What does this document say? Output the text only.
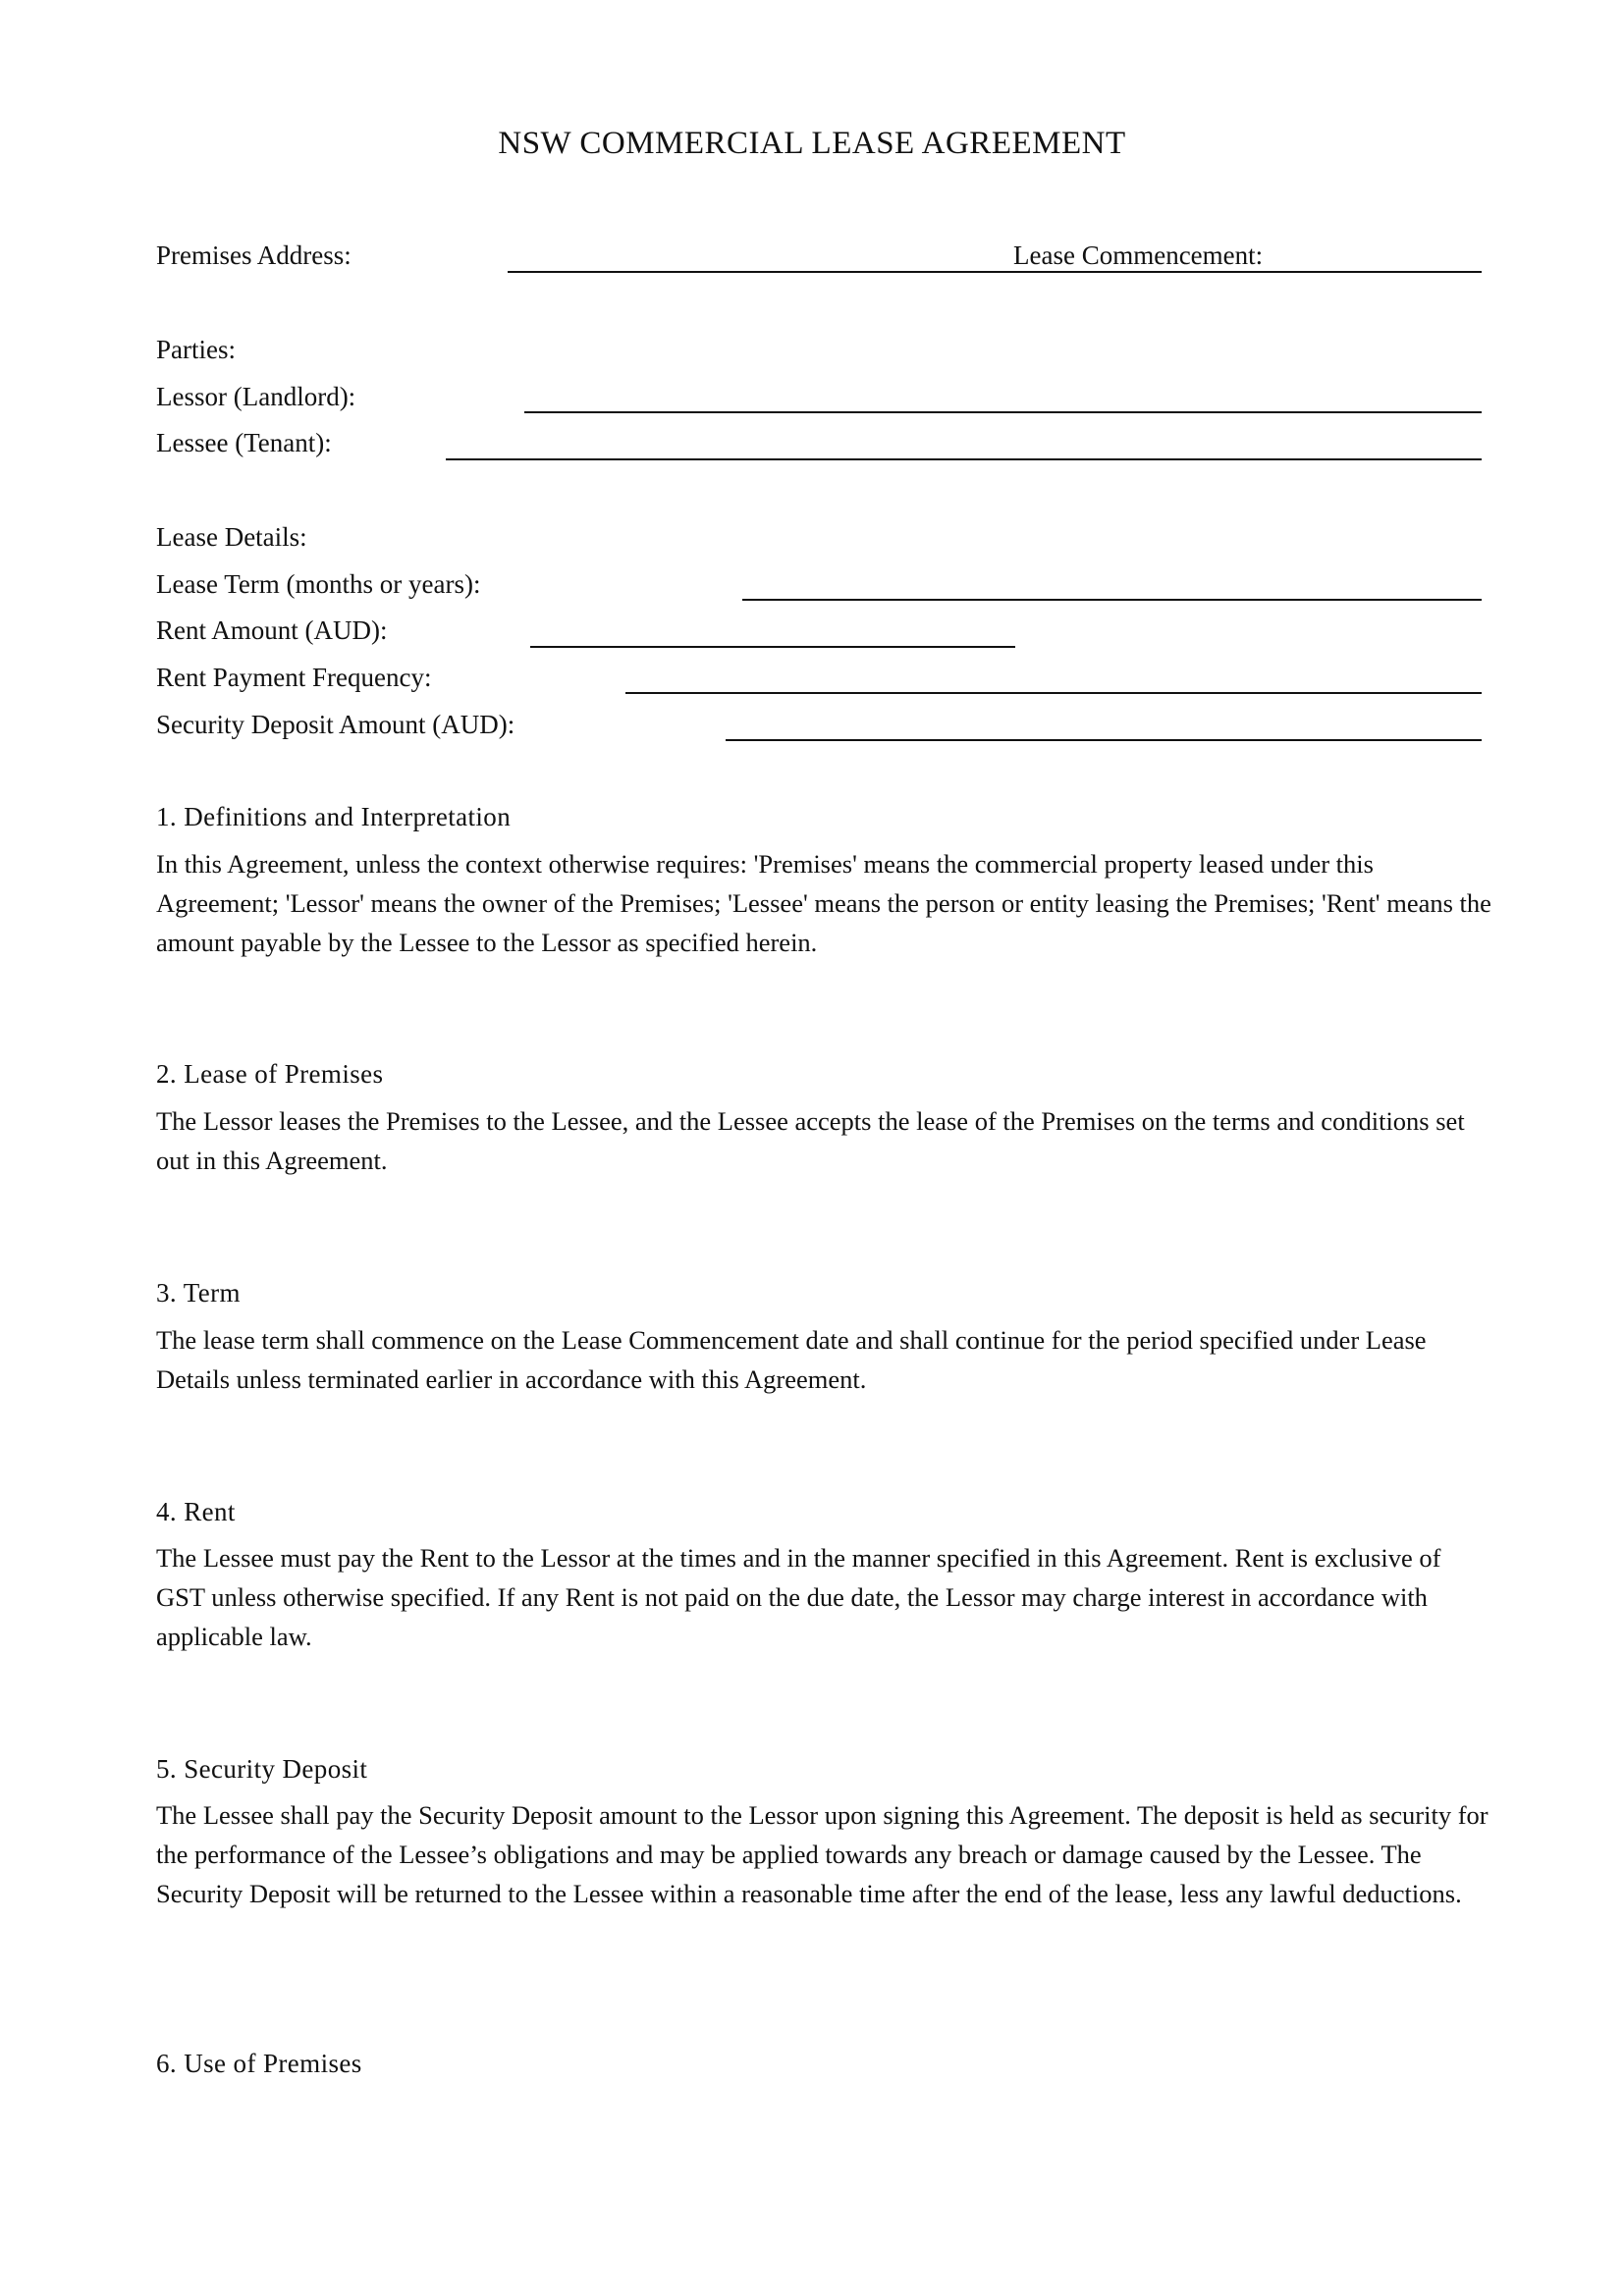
NSW COMMERCIAL LEASE AGREEMENT
Premises Address:	Lease Commencement:
Parties:
Lessor (Landlord):
Lessee (Tenant):
Lease Details:
Lease Term (months or years):
Rent Amount (AUD):
Rent Payment Frequency:
Security Deposit Amount (AUD):
1. Definitions and Interpretation

In this Agreement, unless the context otherwise requires: 'Premises' means the commercial property leased under this Agreement; 'Lessor' means the owner of the Premises; 'Lessee' means the person or entity leasing the Premises; 'Rent' means the amount payable by the Lessee to the Lessor as specified herein.

2. Lease of Premises

The Lessor leases the Premises to the Lessee, and the Lessee accepts the lease of the Premises on the terms and conditions set out in this Agreement.

3. Term

The lease term shall commence on the Lease Commencement date and shall continue for the period specified under Lease Details unless terminated earlier in accordance with this Agreement.

4. Rent

The Lessee must pay the Rent to the Lessor at the times and in the manner specified in this Agreement. Rent is exclusive of GST unless otherwise specified. If any Rent is not paid on the due date, the Lessor may charge interest in accordance with applicable law.

5. Security Deposit

The Lessee shall pay the Security Deposit amount to the Lessor upon signing this Agreement. The deposit is held as security for the performance of the Lessee’s obligations and may be applied towards any breach or damage caused by the Lessee. The Security Deposit will be returned to the Lessee within a reasonable time after the end of the lease, less any lawful deductions.

6. Use of Premises
